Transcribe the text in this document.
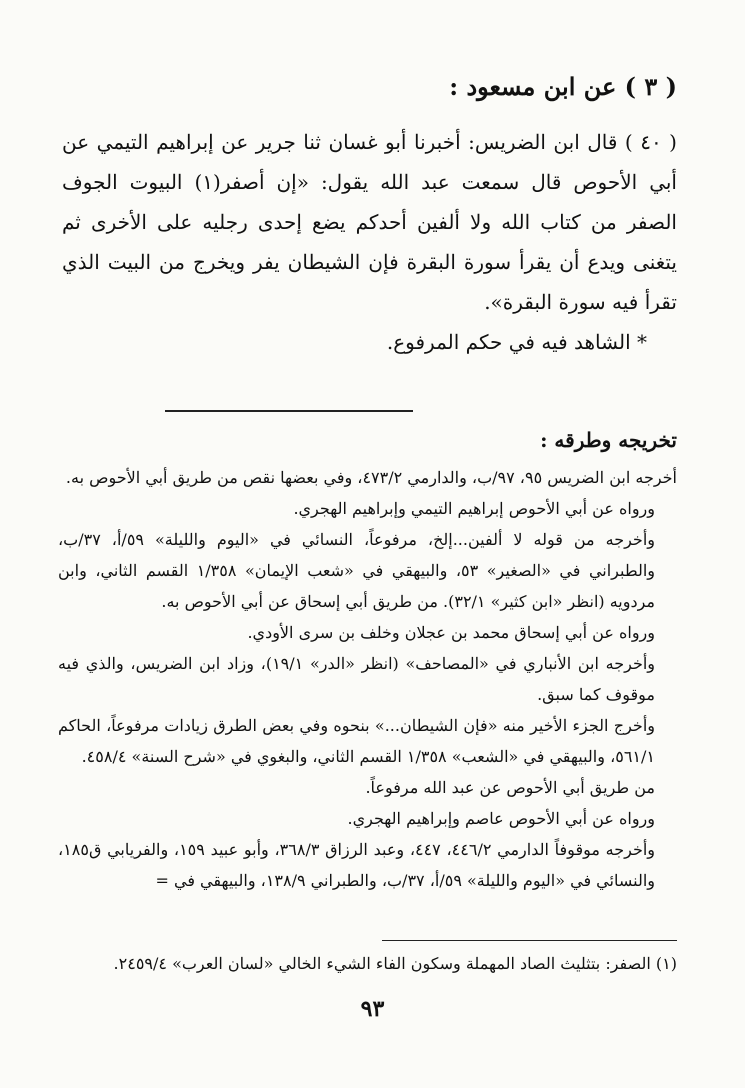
( ٣ ) عن ابن مسعود :

( ٤٠ ) قال ابن الضريس: أخبرنا أبو غسان ثنا جرير عن إبراهيم التيمي عن أبي الأحوص قال سمعت عبد الله يقول: «إن أصفر(١) البيوت الجوف الصفر من كتاب الله ولا ألفين أحدكم يضع إحدى رجليه على الأخرى ثم يتغنى ويدع أن يقرأ سورة البقرة فإن الشيطان يفر ويخرج من البيت الذي تقرأ فيه سورة البقرة».

* الشاهد فيه في حكم المرفوع.

تخريجه وطرقه :

أخرجه ابن الضريس ٩٥، ٩٧/ب، والدارمي ٤٧٣/٢، وفي بعضها نقص من طريق أبي الأحوص به.

ورواه عن أبي الأحوص إبراهيم التيمي وإبراهيم الهجري.

وأخرجه من قوله لا ألفين...إلخ، مرفوعاً، النسائي في «اليوم والليلة» ٥٩/أ، ٣٧/ب، والطبراني في «الصغير» ٥٣، والبيهقي في «شعب الإيمان» ١/٣٥٨ القسم الثاني، وابن مردويه (انظر «ابن كثير» ٣٢/١). من طريق أبي إسحاق عن أبي الأحوص به.

ورواه عن أبي إسحاق محمد بن عجلان وخلف بن سرى الأودي.

وأخرجه ابن الأنباري في «المصاحف» (انظر «الدر» ١٩/١)، وزاد ابن الضريس، والذي فيه موقوف كما سبق.

وأخرج الجزء الأخير منه «فإن الشيطان...» بنحوه وفي بعض الطرق زيادات مرفوعاً، الحاكم ٥٦١/١، والبيهقي في «الشعب» ١/٣٥٨ القسم الثاني، والبغوي في «شرح السنة» ٤٥٨/٤.

من طريق أبي الأحوص عن عبد الله مرفوعاً.

ورواه عن أبي الأحوص عاصم وإبراهيم الهجري.

وأخرجه موقوفاً الدارمي ٤٤٦/٢، ٤٤٧، وعبد الرزاق ٣٦٨/٣، وأبو عبيد ١٥٩، والفريابي ق١٨٥، والنسائي في «اليوم والليلة» ٥٩/أ، ٣٧/ب، والطبراني ١٣٨/٩، والبيهقي في =

(١) الصفر: بتثليث الصاد المهملة وسكون الفاء الشيء الخالي «لسان العرب» ٢٤٥٩/٤.
٩٣
